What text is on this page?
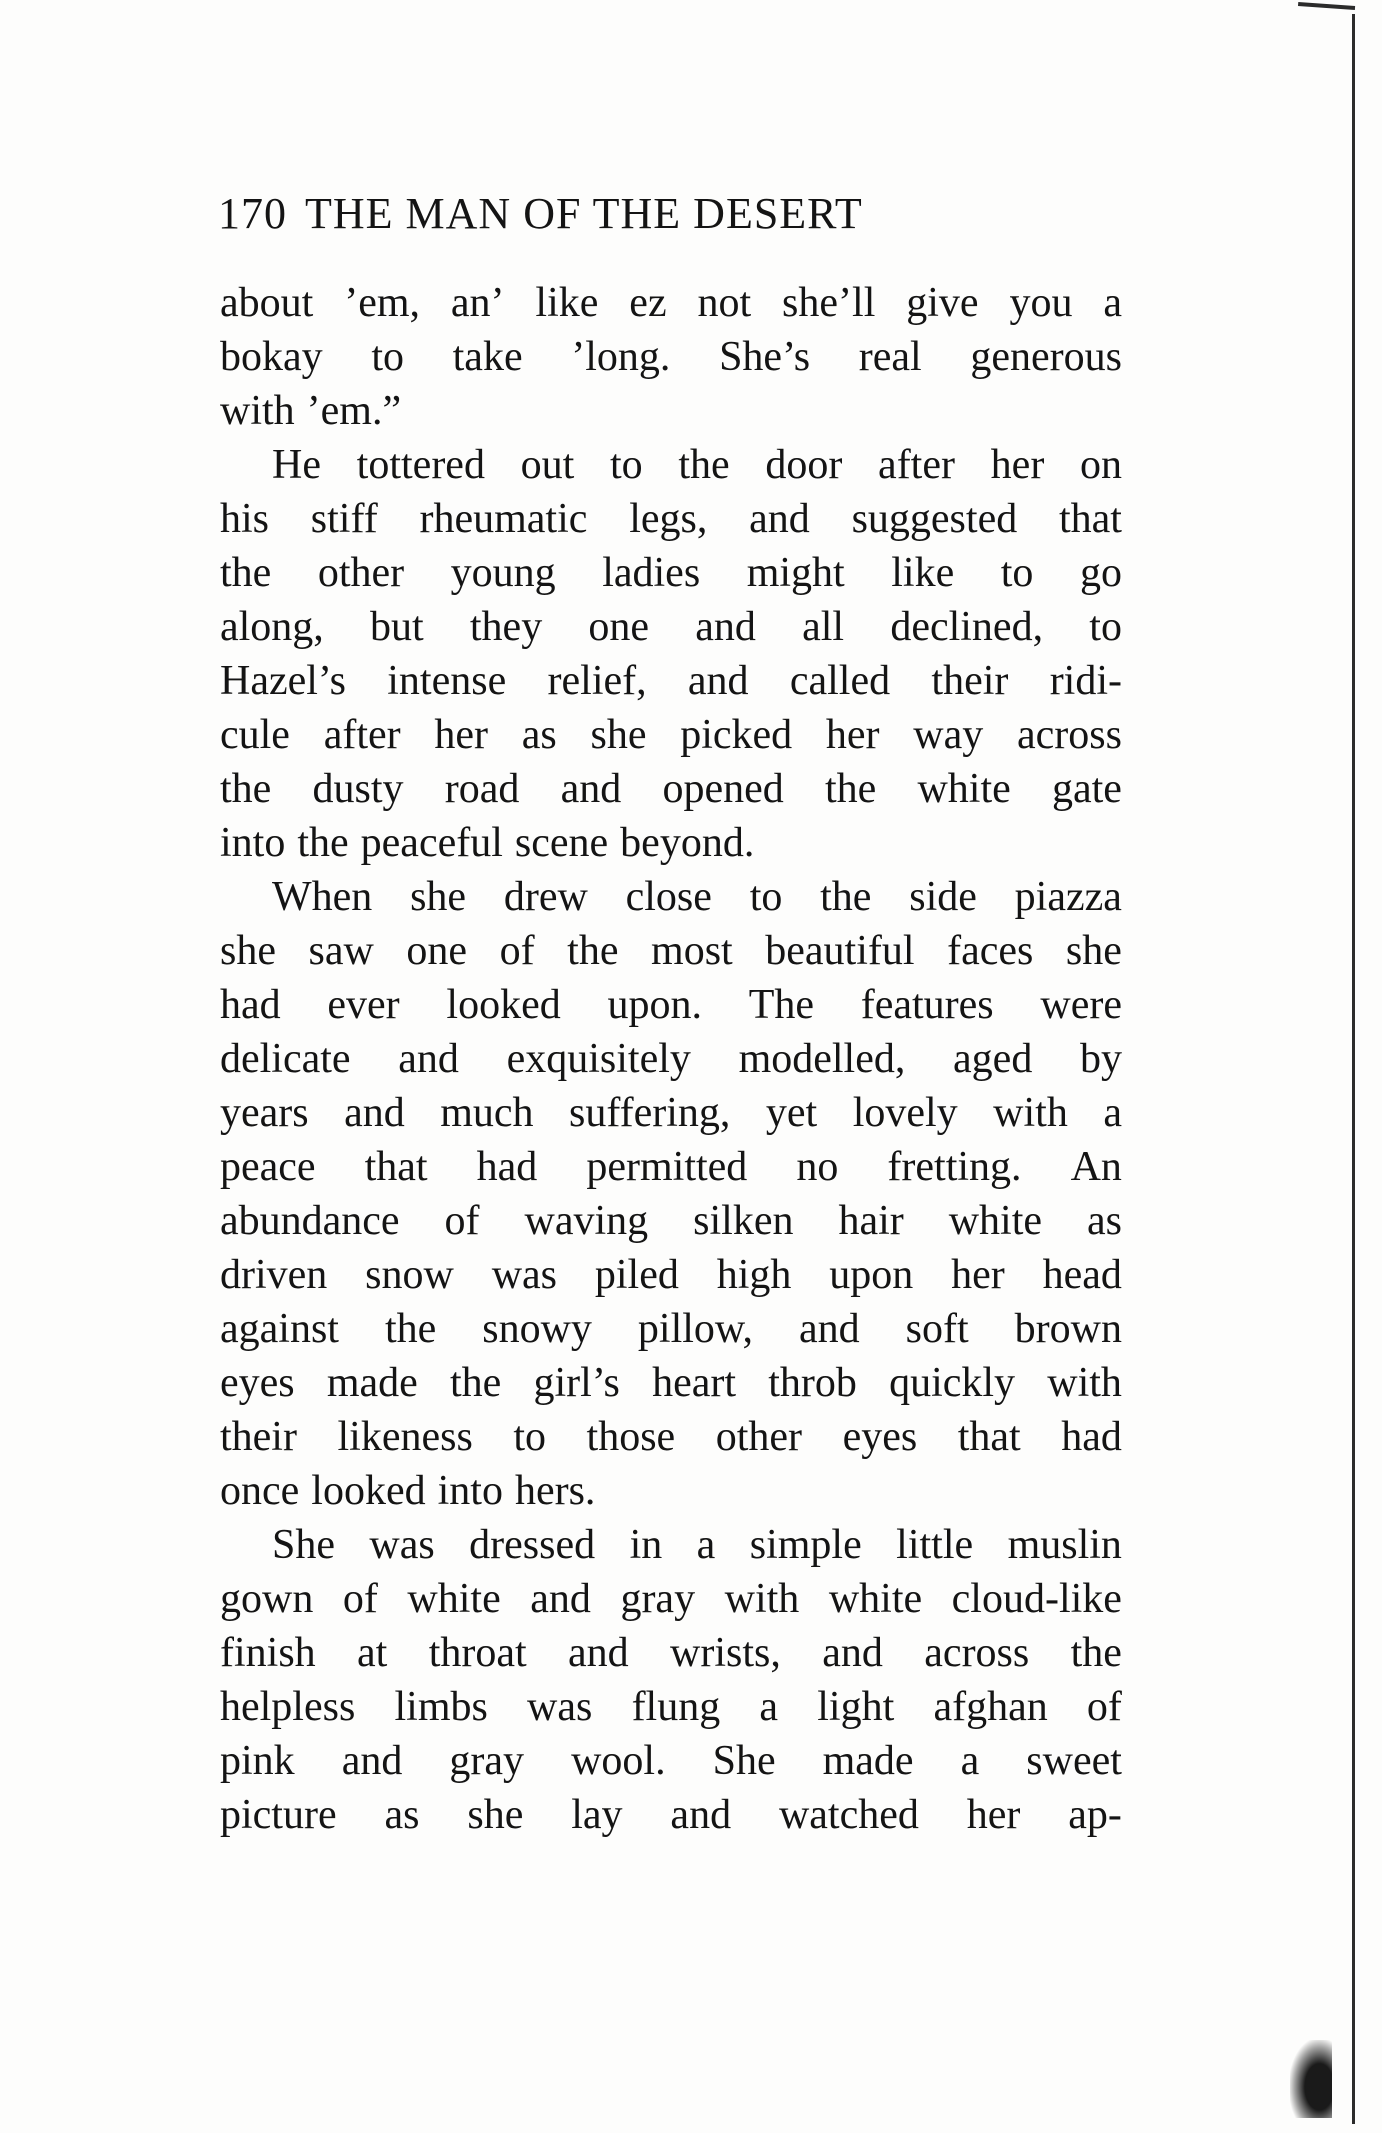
170 THE MAN OF THE DESERT
about ’em, an’ like ez not she’ll give you a
bokay to take ’long. She’s real generous
with ’em.”
He tottered out to the door after her on
his stiff rheumatic legs, and suggested that
the other young ladies might like to go
along, but they one and all declined, to
Hazel’s intense relief, and called their ridi-
cule after her as she picked her way across
the dusty road and opened the white gate
into the peaceful scene beyond.
When she drew close to the side piazza
she saw one of the most beautiful faces she
had ever looked upon. The features were
delicate and exquisitely modelled, aged by
years and much suffering, yet lovely with a
peace that had permitted no fretting. An
abundance of waving silken hair white as
driven snow was piled high upon her head
against the snowy pillow, and soft brown
eyes made the girl’s heart throb quickly with
their likeness to those other eyes that had
once looked into hers.
She was dressed in a simple little muslin
gown of white and gray with white cloud-like
finish at throat and wrists, and across the
helpless limbs was flung a light afghan of
pink and gray wool. She made a sweet
picture as she lay and watched her ap-
